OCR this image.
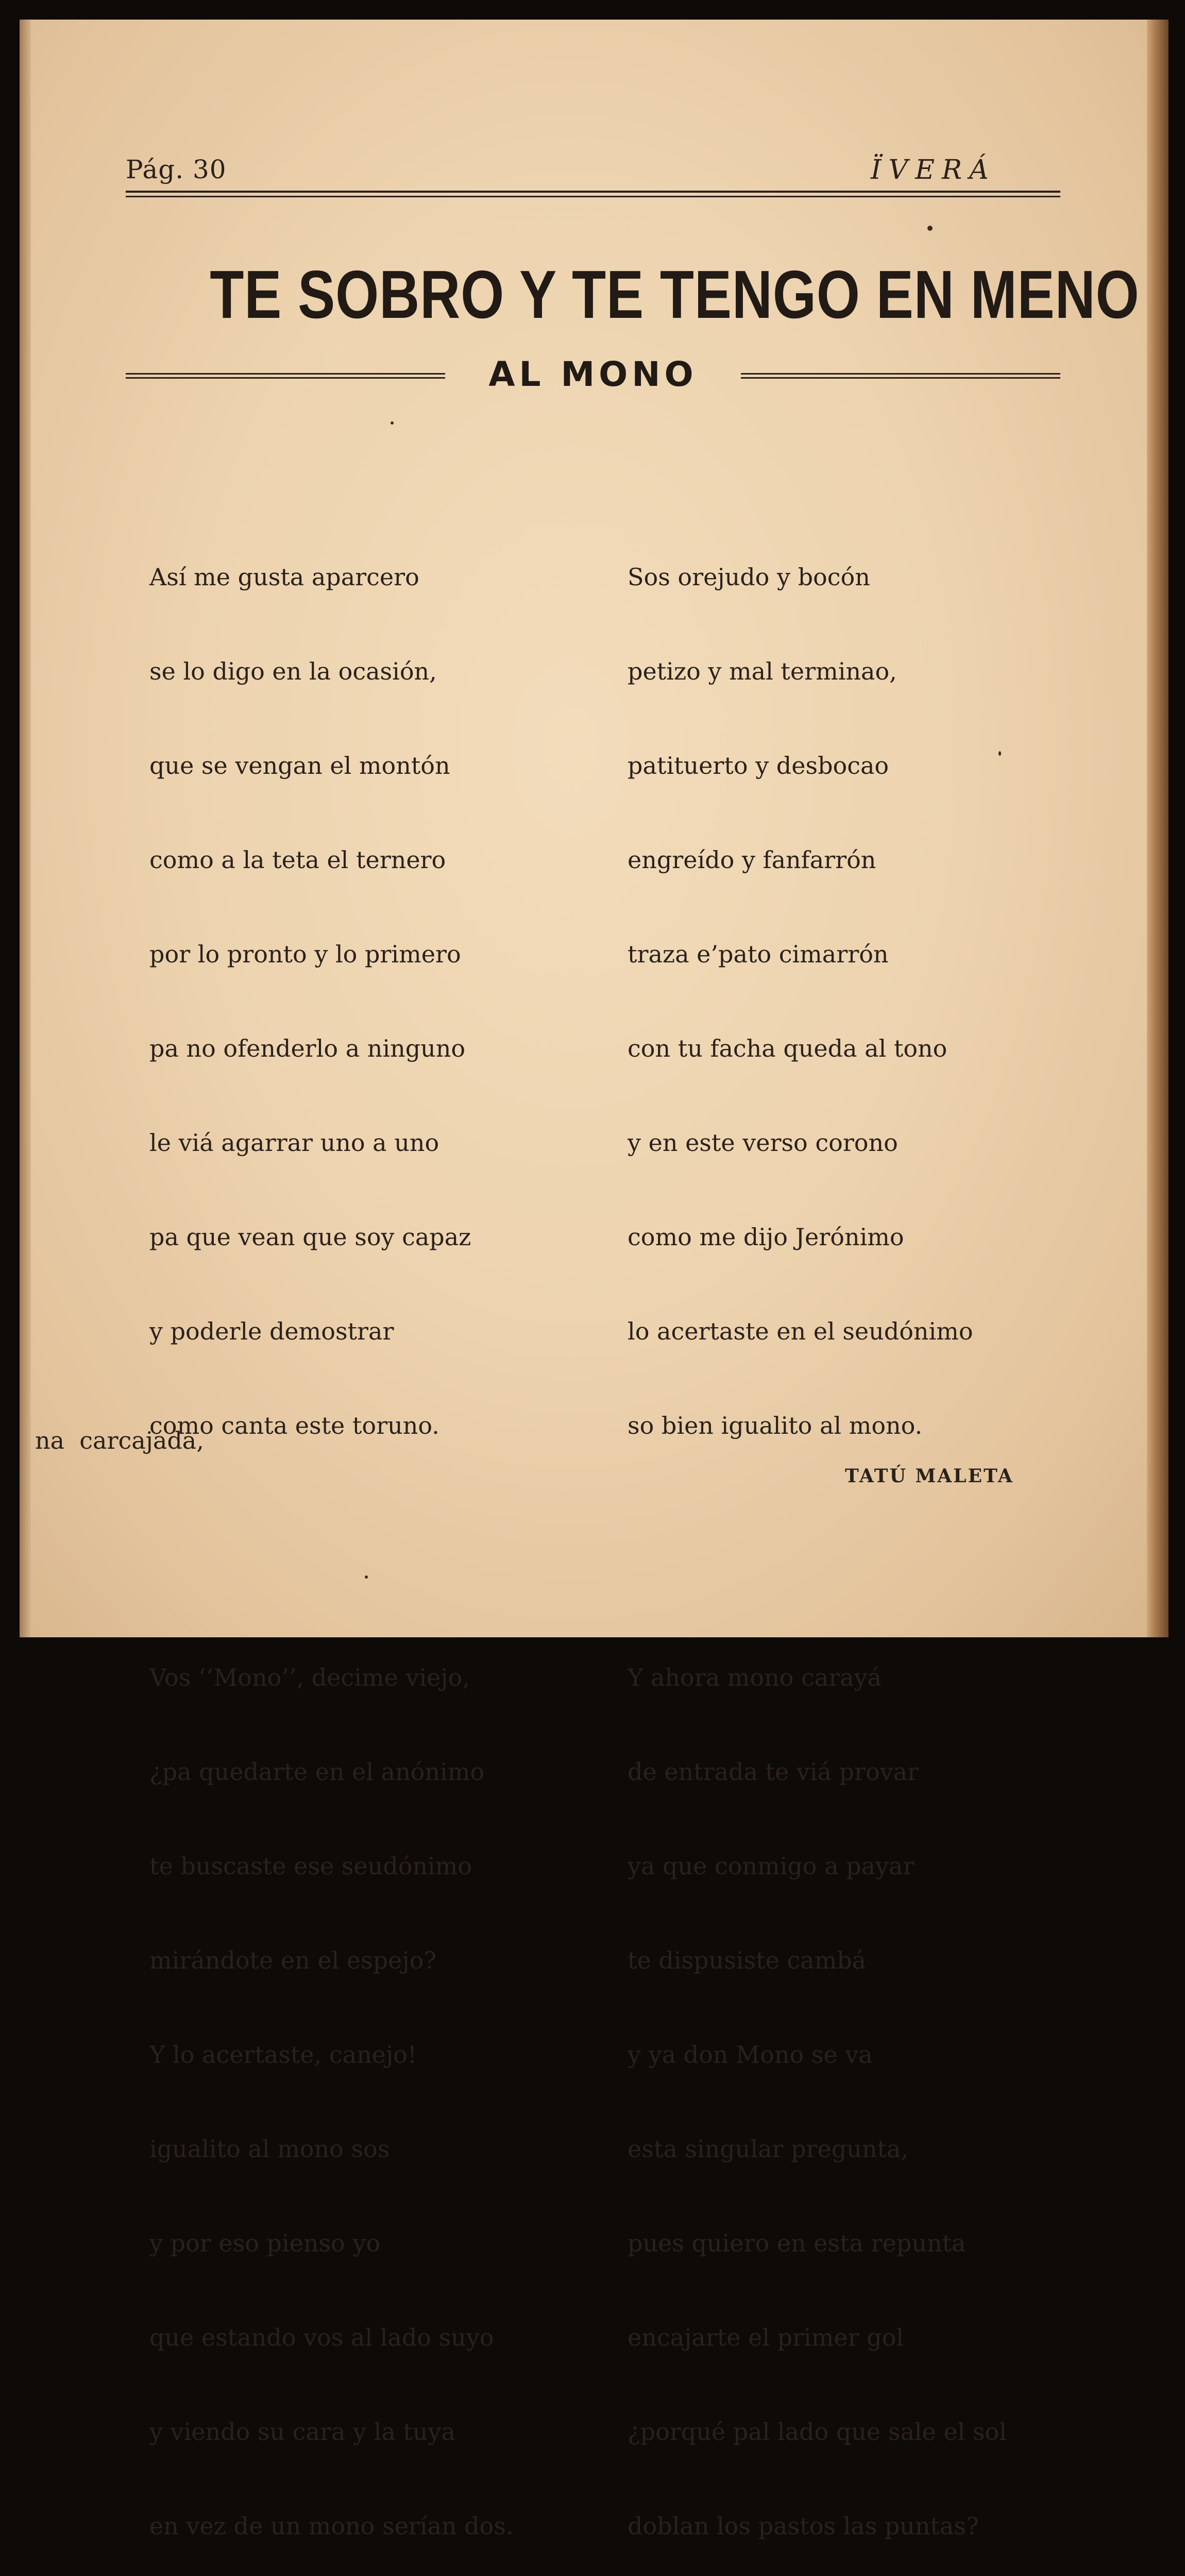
Pág. 30	ÏVERÁ
TE SOBRO Y TE TENGO EN MENO
AL MONO

Así me gusta aparcero

se lo digo en la ocasión,

que se vengan el montón

como a la teta el ternero

por lo pronto y lo primero

pa no ofenderlo a ninguno

le viá agarrar uno a uno

pa que vean que soy capaz

y poderle demostrar

como canta este toruno.

Vos ‘‘Mono’’, decime viejo,

¿pa quedarte en el anónimo

te buscaste ese seudónimo

mirándote en el espejo?

Y lo acertaste, canejo!

igualito al mono sos

y por eso pienso yo

que estando vos al lado suyo

y viendo su cara y la tuya

en vez de un mono serían dos.

na  carcajada,

Sos orejudo y bocón

petizo y mal terminao,

patituerto y desbocao

engreído y fanfarrón

traza e’pato cimarrón

con tu facha queda al tono

y en este verso corono

como me dijo Jerónimo

lo acertaste en el seudónimo

so bien igualito al mono.

Y ahora mono carayá

de entrada te viá provar

ya que conmigo a payar

te dispusiste cambá

y ya don Mono se va

esta singular pregunta,

pues quiero en esta repunta

encajarte el primer gol

¿porqué pal lado que sale el sol

doblan los pastos las puntas?

TATÚ MALETA
